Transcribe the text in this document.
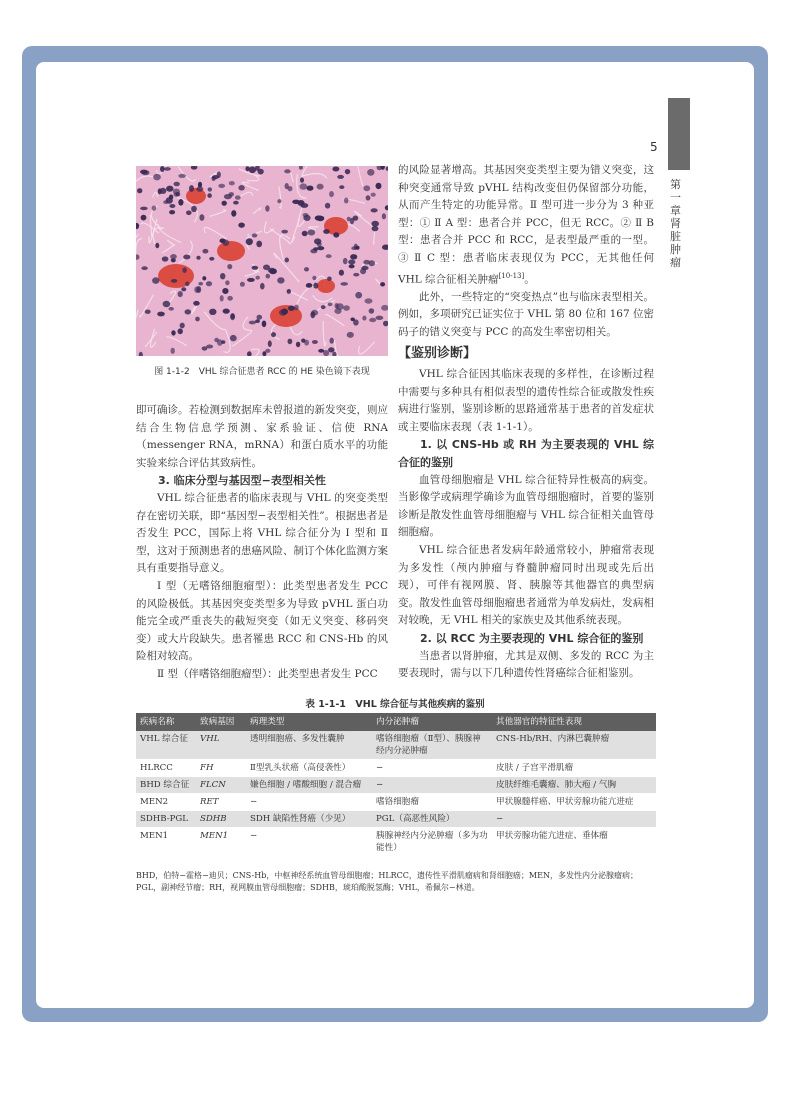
5
第一章 肾脏肿瘤
图 1-1-2　VHL 综合征患者 RCC 的 HE 染色镜下表现

即可确诊。若检测到数据库未曾报道的新发突变，则应结合生物信息学预测、家系验证、信使 RNA（messenger RNA，mRNA）和蛋白质水平的功能实验来综合评估其致病性。

3. 临床分型与基因型−表型相关性

VHL 综合征患者的临床表现与 VHL 的突变类型存在密切关联，即“基因型−表型相关性”。根据患者是否发生 PCC，国际上将 VHL 综合征分为 Ⅰ 型和 Ⅱ 型，这对于预测患者的患癌风险、制订个体化监测方案具有重要指导意义。

Ⅰ 型（无嗜铬细胞瘤型）：此类型患者发生 PCC 的风险极低。其基因突变类型多为导致 pVHL 蛋白功能完全或严重丧失的截短突变（如无义突变、移码突变）或大片段缺失。患者罹患 RCC 和 CNS-Hb 的风险相对较高。

Ⅱ 型（伴嗜铬细胞瘤型）：此类型患者发生 PCC

的风险显著增高。其基因突变类型主要为错义突变，这种突变通常导致 pVHL 结构改变但仍保留部分功能，从而产生特定的功能异常。Ⅱ 型可进一步分为 3 种亚型：① Ⅱ A 型：患者合并 PCC，但无 RCC。② Ⅱ B 型：患者合并 PCC 和 RCC，是表型最严重的一型。③ Ⅱ C 型：患者临床表现仅为 PCC，无其他任何 VHL 综合征相关肿瘤[10-13]。

此外，一些特定的“突变热点”也与临床表型相关。例如，多项研究已证实位于 VHL 第 80 位和 167 位密码子的错义突变与 PCC 的高发生率密切相关。

【鉴别诊断】

VHL 综合征因其临床表现的多样性，在诊断过程中需要与多种具有相似表型的遗传性综合征或散发性疾病进行鉴别，鉴别诊断的思路通常基于患者的首发症状或主要临床表现（表 1-1-1）。

1. 以 CNS-Hb 或 RH 为主要表现的 VHL 综合征的鉴别

血管母细胞瘤是 VHL 综合征特异性极高的病变。当影像学或病理学确诊为血管母细胞瘤时，首要的鉴别诊断是散发性血管母细胞瘤与 VHL 综合征相关血管母细胞瘤。

VHL 综合征患者发病年龄通常较小，肿瘤常表现为多发性（颅内肿瘤与脊髓肿瘤同时出现或先后出现），可伴有视网膜、肾、胰腺等其他器官的典型病变。散发性血管母细胞瘤患者通常为单发病灶，发病相对较晚，无 VHL 相关的家族史及其他系统表现。

2. 以 RCC 为主要表现的 VHL 综合征的鉴别

当患者以肾肿瘤，尤其是双侧、多发的 RCC 为主要表现时，需与以下几种遗传性肾癌综合征相鉴别。

表 1-1-1　VHL 综合征与其他疾病的鉴别
疾病名称	致病基因	病理类型	内分泌肿瘤	其他器官的特征性表现
VHL 综合征	VHL	透明细胞癌、多发性囊肿	嗜铬细胞瘤（Ⅱ型）、胰腺神经内分泌肿瘤	CNS-Hb/RH、内淋巴囊肿瘤
HLRCC	FH	Ⅱ型乳头状癌（高侵袭性）	−	皮肤 / 子宫平滑肌瘤
BHD 综合征	FLCN	嫌色细胞 / 嗜酸细胞 / 混合瘤	−	皮肤纤维毛囊瘤、肺大疱 / 气胸
MEN2	RET	−	嗜铬细胞瘤	甲状腺髓样癌、甲状旁腺功能亢进症
SDHB-PGL	SDHB	SDH 缺陷性肾癌（少见）	PGL（高恶性风险）	−
MEN1	MEN1	−	胰腺神经内分泌肿瘤（多为功能性）	甲状旁腺功能亢进症、垂体瘤
BHD，伯特−霍格−迪贝；CNS-Hb，中枢神经系统血管母细胞瘤；HLRCC，遗传性平滑肌瘤病和肾细胞癌；MEN，多发性内分泌腺瘤病；PGL，副神经节瘤；RH，视网膜血管母细胞瘤；SDHB，琥珀酸脱氢酶；VHL，希佩尔−林道。
